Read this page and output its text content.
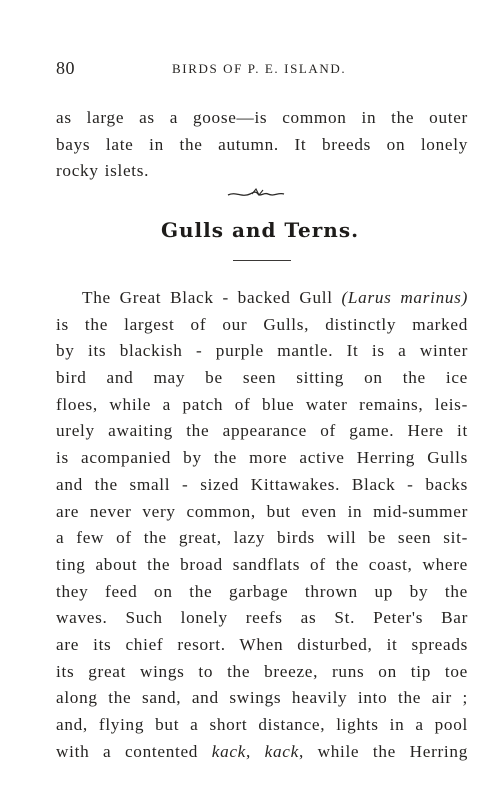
80	BIRDS OF P. E. ISLAND.
as large as a goose—is common in the outer
bays late in the autumn. It breeds on lonely
rocky islets.
Gulls and Terns.
The Great Black - backed Gull (Larus marinus)
is the largest of our Gulls, distinctly marked
by its blackish - purple mantle. It is a winter
bird and may be seen sitting on the ice
floes, while a patch of blue water remains, leis-
urely awaiting the appearance of game. Here it
is acompanied by the more active Herring Gulls
and the small - sized Kittawakes. Black - backs
are never very common, but even in mid-summer
a few of the great, lazy birds will be seen sit-
ting about the broad sandflats of the coast, where
they feed on the garbage thrown up by the
waves. Such lonely reefs as St. Peter's Bar
are its chief resort. When disturbed, it spreads
its great wings to the breeze, runs on tip toe
along the sand, and swings heavily into the air ;
and, flying but a short distance, lights in a pool
with a contented kack, kack, while the Herring
